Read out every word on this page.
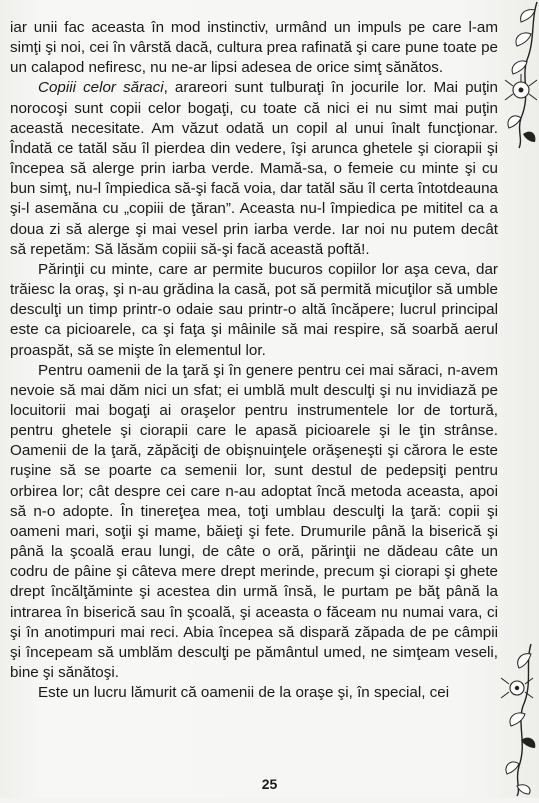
iar unii fac aceasta în mod instinctiv, urmând un impuls pe care l-am simţi şi noi, cei în vârstă dacă, cultura prea rafinată şi care pune toate pe un calapod nefiresc, nu ne-ar lipsi adesea de orice simţ sănătos.

Copiii celor săraci, arareori sunt tulburaţi în jocurile lor. Mai puţin norocoşi sunt copii celor bogaţi, cu toate că nici ei nu simt mai puţin această necesitate. Am văzut odată un copil al unui înalt funcţionar. Îndată ce tatăl său îl pierdea din vedere, îşi arunca ghetele şi ciorapii şi începea să alerge prin iarba verde. Mamă-sa, o femeie cu minte şi cu bun simţ, nu-l împiedica să-şi facă voia, dar tatăl său îl certa întotdeauna şi-l asemăna cu „copiii de ţăran”. Aceasta nu-l împiedica pe mititel ca a doua zi să alerge şi mai vesel prin iarba verde. Iar noi nu putem decât să repetăm: Să lăsăm copiii să-şi facă această poftă!.

Părinţii cu minte, care ar permite bucuros copiilor lor aşa ceva, dar trăiesc la oraş, şi n-au grădina la casă, pot să permită micuţilor să umble desculţi un timp printr-o odaie sau printr-o altă încăpere; lucrul principal este ca picioarele, ca şi faţa şi mâinile să mai respire, să soarbă aerul proaspăt, să se mişte în elementul lor.

Pentru oamenii de la ţară şi în genere pentru cei mai săraci, n-avem nevoie să mai dăm nici un sfat; ei umblă mult desculţi şi nu invidiază pe locuitorii mai bogaţi ai oraşelor pentru instrumentele lor de tortură, pentru ghetele şi ciorapii care le apasă picioarele şi le ţin strânse. Oamenii de la ţară, zăpăciţi de obişnuinţele orăşeneşti şi cărora le este ruşine să se poarte ca semenii lor, sunt destul de pedepsiţi pentru orbirea lor; cât despre cei care n-au adoptat încă metoda aceasta, apoi să n-o adopte. În tinereţea mea, toţi umblau desculţi la ţară: copii şi oameni mari, soţii şi mame, băieţi şi fete. Drumurile până la biserică şi până la şcoală erau lungi, de câte o oră, părinţii ne dădeau câte un codru de pâine şi câteva mere drept merinde, precum şi ciorapi şi ghete drept încălţăminte şi acestea din urmă însă, le purtam pe băţ până la intrarea în biserică sau în şcoală, şi aceasta o făceam nu numai vara, ci şi în anotimpuri mai reci. Abia începea să dispară zăpada de pe câmpii şi începeam să umblăm desculţi pe pământul umed, ne simţeam veseli, bine şi sănătoşi.

Este un lucru lămurit că oamenii de la oraşe şi, în special, cei

25
